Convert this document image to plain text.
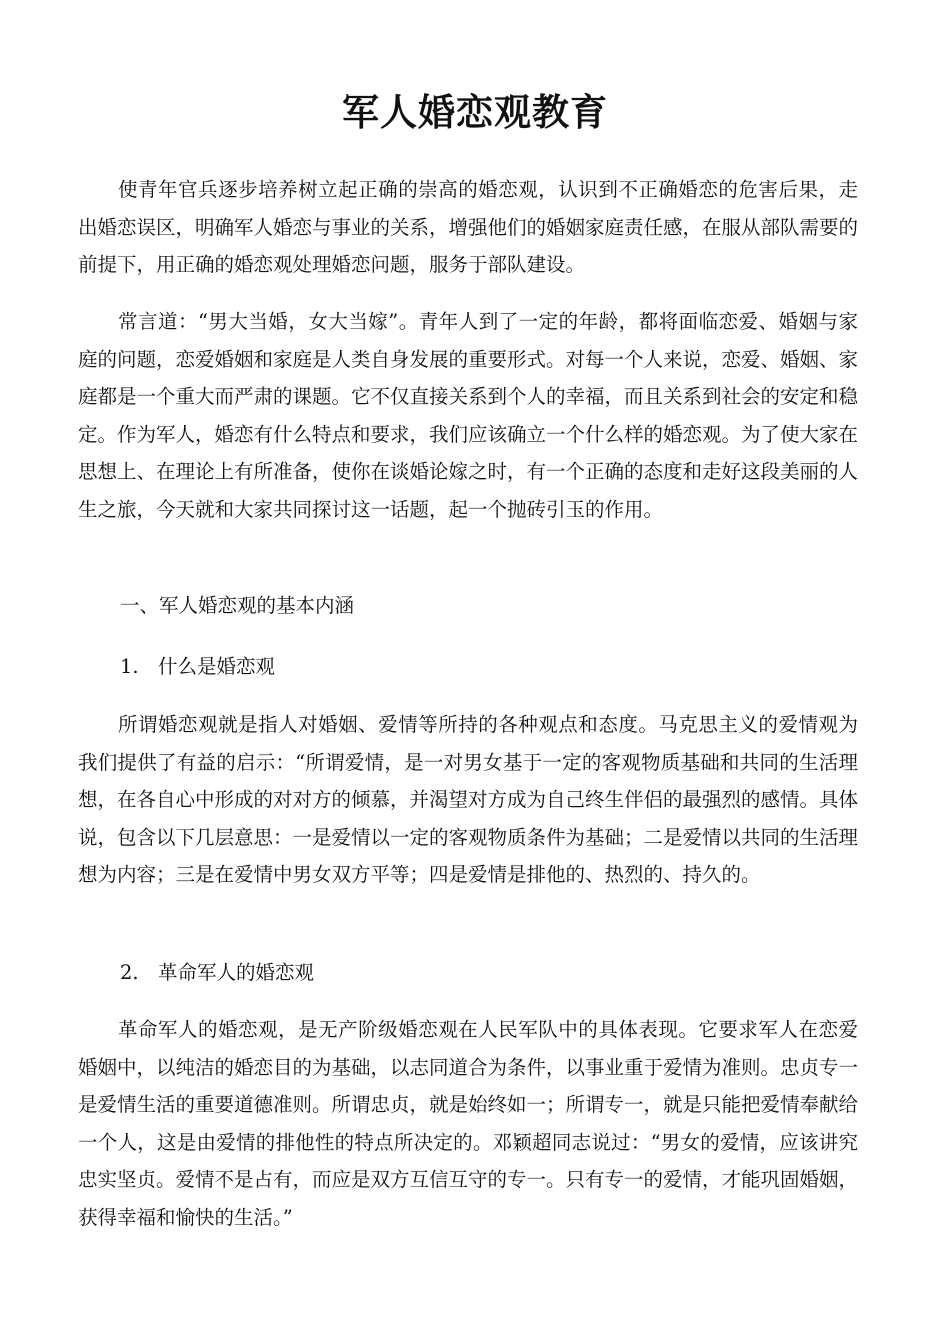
军人婚恋观教育

使青年官兵逐步培养树立起正确的崇高的婚恋观，认识到不正确婚恋的危害后果，走出婚恋误区，明确军人婚恋与事业的关系，增强他们的婚姻家庭责任感，在服从部队需要的前提下，用正确的婚恋观处理婚恋问题，服务于部队建设。

常言道：“男大当婚，女大当嫁”。青年人到了一定的年龄，都将面临恋爱、婚姻与家庭的问题，恋爱婚姻和家庭是人类自身发展的重要形式。对每一个人来说，恋爱、婚姻、家庭都是一个重大而严肃的课题。它不仅直接关系到个人的幸福，而且关系到社会的安定和稳定。作为军人，婚恋有什么特点和要求，我们应该确立一个什么样的婚恋观。为了使大家在思想上、在理论上有所准备，使你在谈婚论嫁之时，有一个正确的态度和走好这段美丽的人生之旅，今天就和大家共同探讨这一话题，起一个抛砖引玉的作用。

一、军人婚恋观的基本内涵

1. 什么是婚恋观

所谓婚恋观就是指人对婚姻、爱情等所持的各种观点和态度。马克思主义的爱情观为我们提供了有益的启示：“所谓爱情，是一对男女基于一定的客观物质基础和共同的生活理想，在各自心中形成的对对方的倾慕，并渴望对方成为自己终生伴侣的最强烈的感情。具体说，包含以下几层意思：一是爱情以一定的客观物质条件为基础；二是爱情以共同的生活理想为内容；三是在爱情中男女双方平等；四是爱情是排他的、热烈的、持久的。

2. 革命军人的婚恋观

革命军人的婚恋观，是无产阶级婚恋观在人民军队中的具体表现。它要求军人在恋爱婚姻中，以纯洁的婚恋目的为基础，以志同道合为条件，以事业重于爱情为准则。忠贞专一是爱情生活的重要道德准则。所谓忠贞，就是始终如一；所谓专一，就是只能把爱情奉献给一个人，这是由爱情的排他性的特点所决定的。邓颖超同志说过：“男女的爱情，应该讲究忠实坚贞。爱情不是占有，而应是双方互信互守的专一。只有专一的爱情，才能巩固婚姻，获得幸福和愉快的生活。”
